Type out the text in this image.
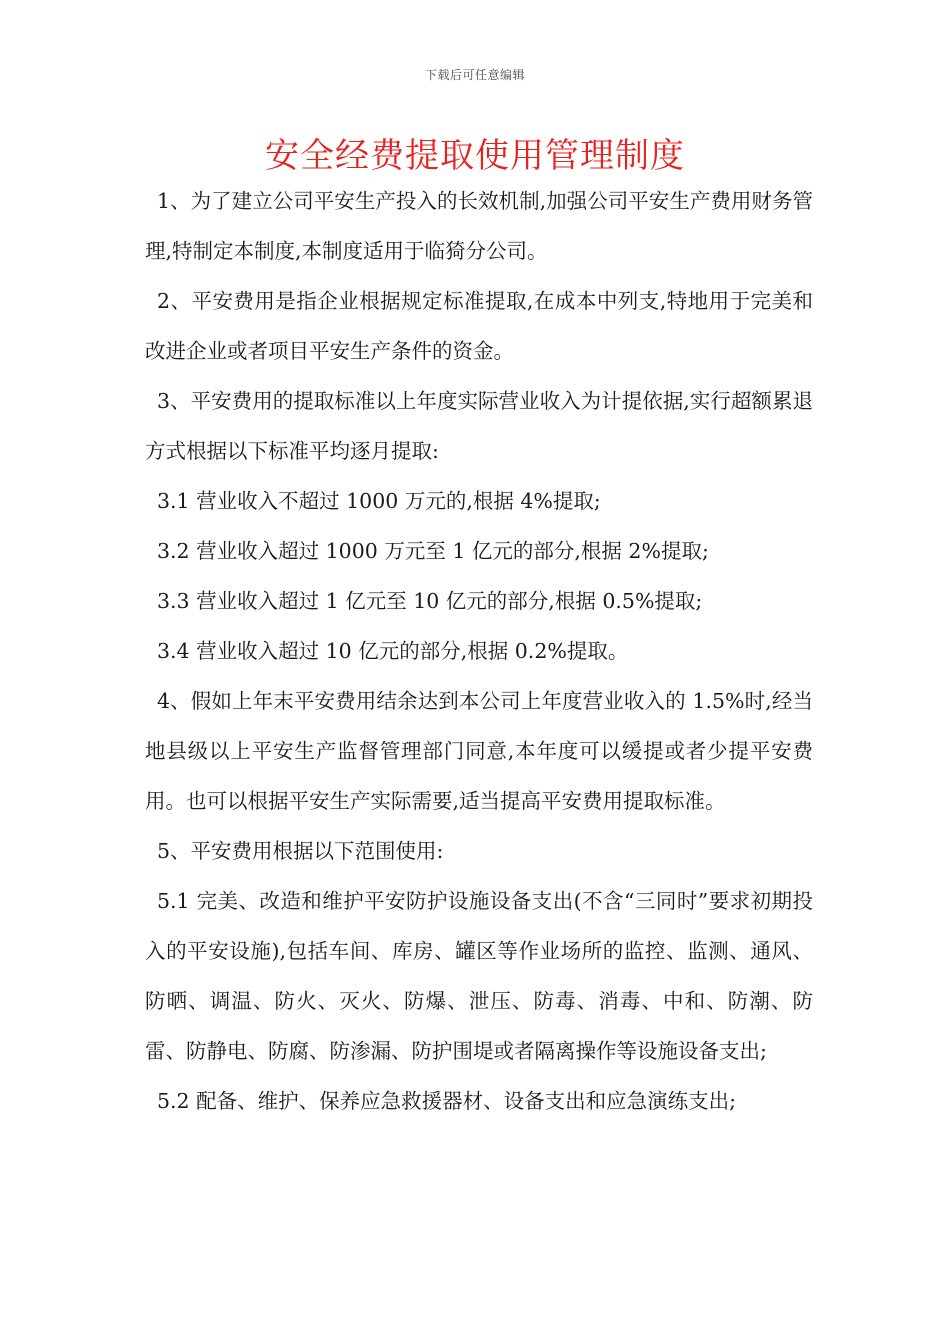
下载后可任意编辑
安全经费提取使用管理制度

1、为了建立公司平安生产投入的长效机制,加强公司平安生产费用财务管理,特制定本制度,本制度适用于临猗分公司。

2、平安费用是指企业根据规定标准提取,在成本中列支,特地用于完美和改进企业或者项目平安生产条件的资金。

3、平安费用的提取标准以上年度实际营业收入为计提依据,实行超额累退方式根据以下标准平均逐月提取:

3.1 营业收入不超过 1000 万元的,根据 4%提取;

3.2 营业收入超过 1000 万元至 1 亿元的部分,根据 2%提取;

3.3 营业收入超过 1 亿元至 10 亿元的部分,根据 0.5%提取;

3.4 营业收入超过 10 亿元的部分,根据 0.2%提取。

4、假如上年末平安费用结余达到本公司上年度营业收入的 1.5%时,经当地县级以上平安生产监督管理部门同意,本年度可以缓提或者少提平安费用。也可以根据平安生产实际需要,适当提高平安费用提取标准。

5、平安费用根据以下范围使用:

5.1 完美、改造和维护平安防护设施设备支出(不含“三同时”要求初期投入的平安设施),包括车间、库房、罐区等作业场所的监控、监测、通风、防晒、调温、防火、灭火、防爆、泄压、防毒、消毒、中和、防潮、防雷、防静电、防腐、防渗漏、防护围堤或者隔离操作等设施设备支出;

5.2 配备、维护、保养应急救援器材、设备支出和应急演练支出;
